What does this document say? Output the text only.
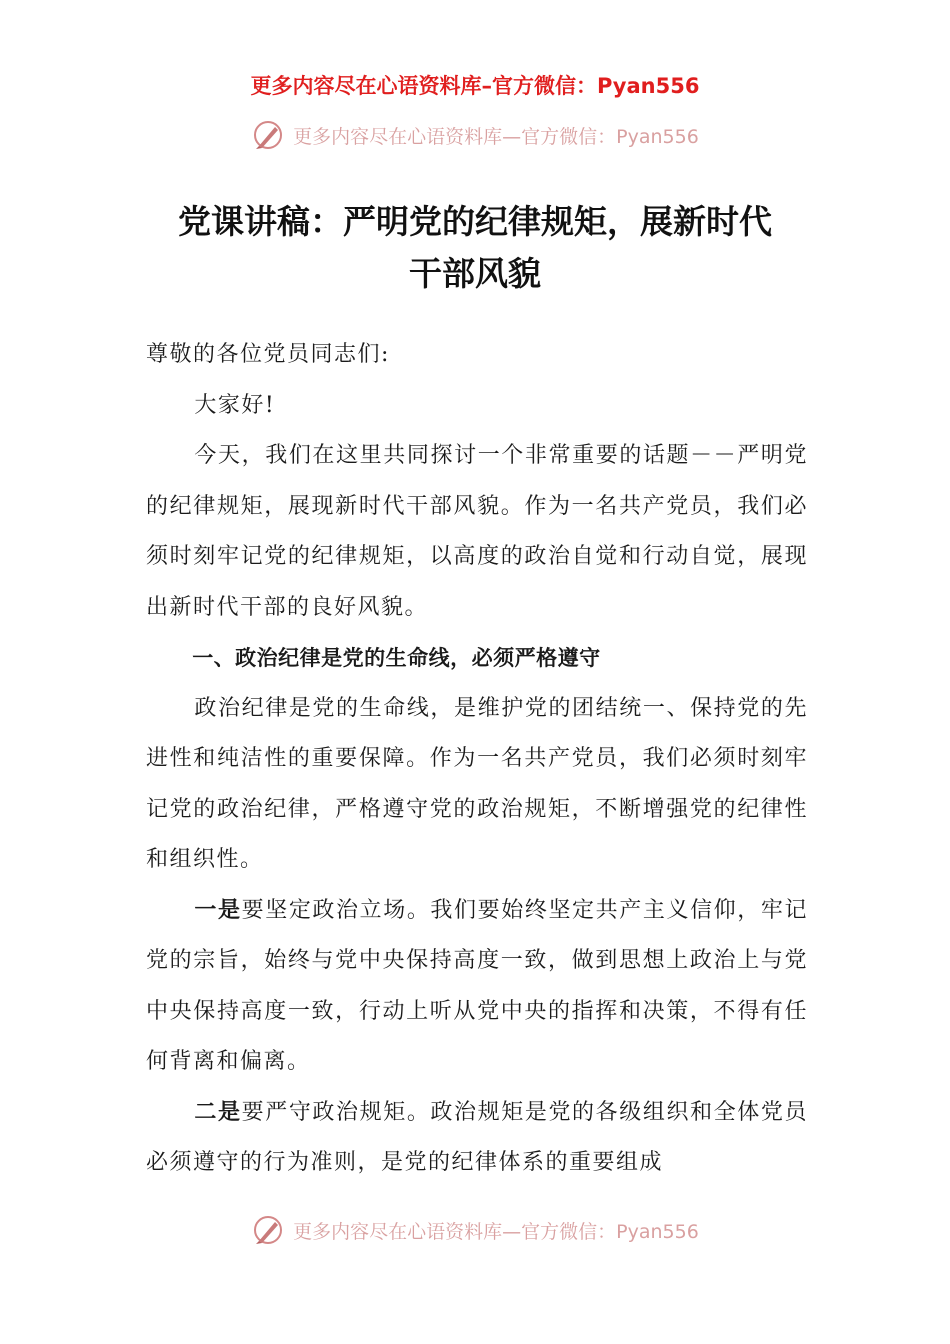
更多内容尽在心语资料库–官方微信：Pyan556
更多内容尽在心语资料库—官方微信：Pyan556
党课讲稿：严明党的纪律规矩，展新时代
干部风貌

尊敬的各位党员同志们:

大家好!

今天，我们在这里共同探讨一个非常重要的话题－－严明党的纪律规矩，展现新时代干部风貌。作为一名共产党员，我们必须时刻牢记党的纪律规矩，以高度的政治自觉和行动自觉，展现出新时代干部的良好风貌。

一、政治纪律是党的生命线，必须严格遵守

政治纪律是党的生命线，是维护党的团结统一、保持党的先进性和纯洁性的重要保障。作为一名共产党员，我们必须时刻牢记党的政治纪律，严格遵守党的政治规矩，不断增强党的纪律性和组织性。

一是要坚定政治立场。我们要始终坚定共产主义信仰，牢记党的宗旨，始终与党中央保持高度一致，做到思想上政治上与党中央保持高度一致，行动上听从党中央的指挥和决策，不得有任何背离和偏离。

二是要严守政治规矩。政治规矩是党的各级组织和全体党员必须遵守的行为准则，是党的纪律体系的重要组成

更多内容尽在心语资料库—官方微信：Pyan556
